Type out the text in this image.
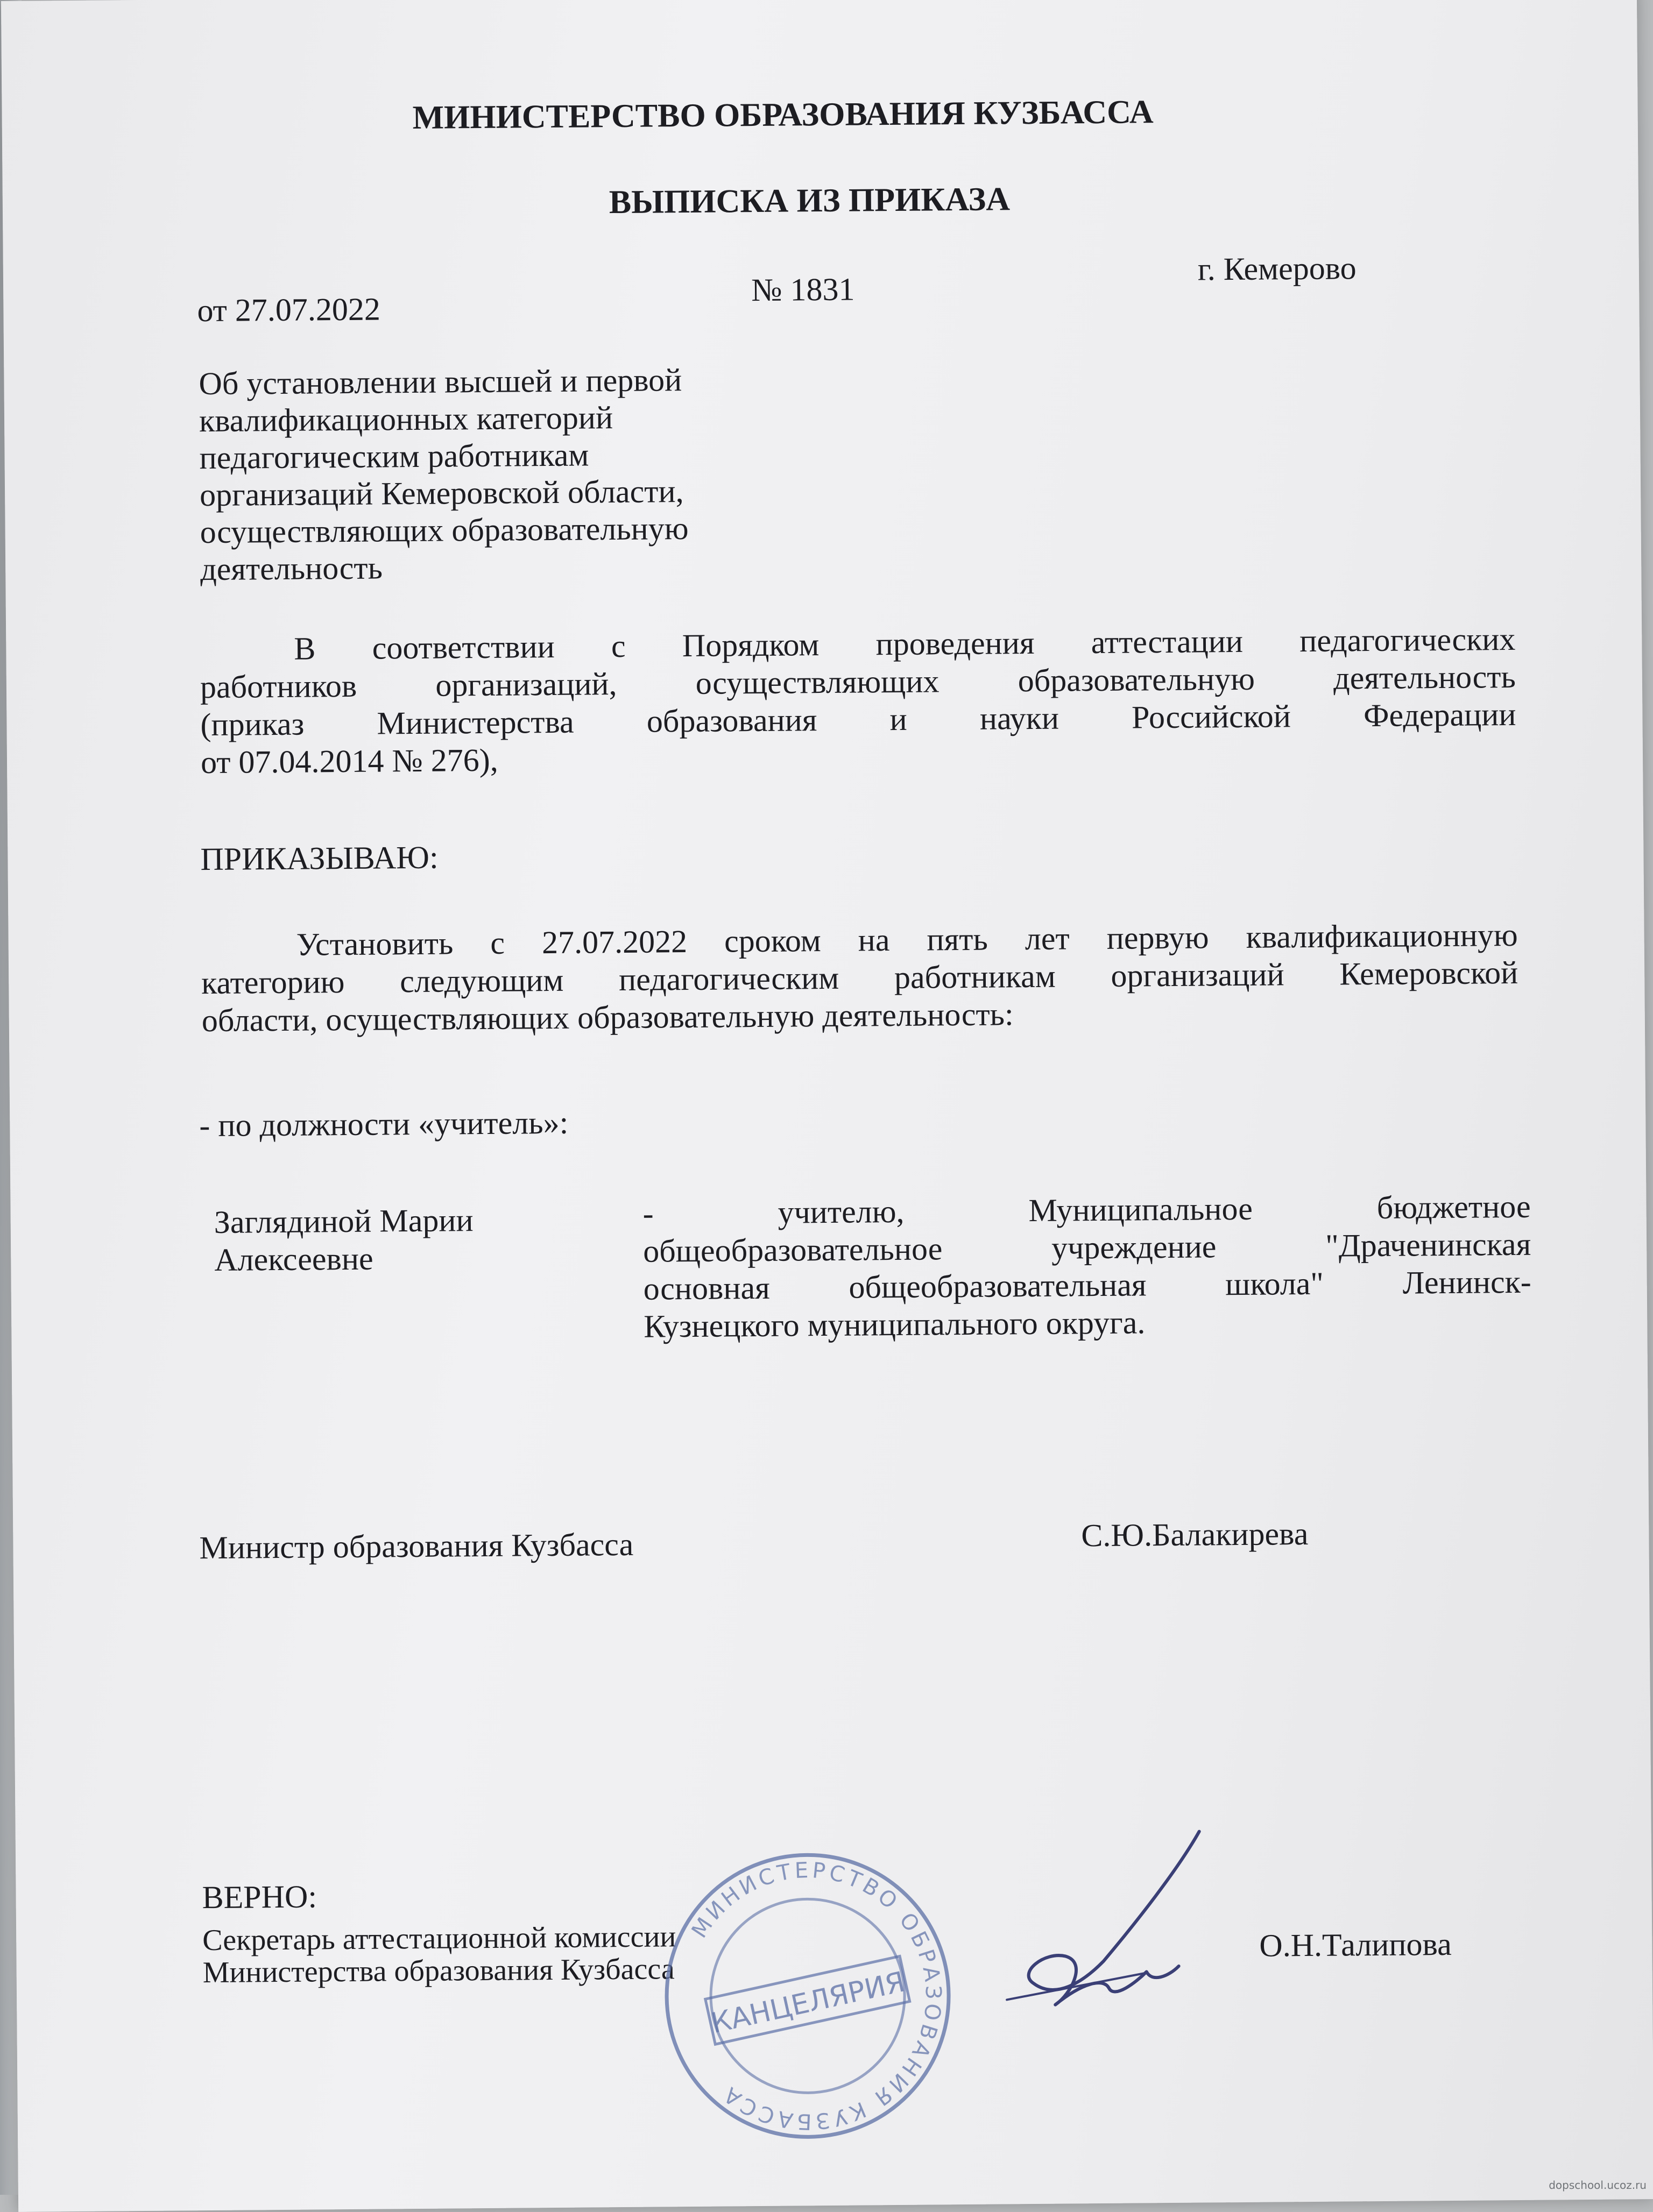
МИНИСТЕРСТВО ОБРАЗОВАНИЯ КУЗБАССА
ВЫПИСКА ИЗ ПРИКАЗА
от 27.07.2022
№ 1831
г. Кемерово
Об установлении высшей и первой
квалификационных категорий
педагогическим работникам
организаций Кемеровской области,
осуществляющих образовательную
деятельность
В соответствии с Порядком проведения аттестации педагогических
работников организаций, осуществляющих образовательную деятельность
(приказ Министерства образования и науки Российской Федерации
от 07.04.2014 № 276),
ПРИКАЗЫВАЮ:
Установить с 27.07.2022 сроком на пять лет первую квалификационную
категорию следующим педагогическим работникам организаций Кемеровской
области, осуществляющих образовательную деятельность:
- по должности «учитель»:
Заглядиной Марии
Алексеевне
- учителю, Муниципальное бюджетное
общеобразовательное учреждение "Драченинская
основная общеобразовательная школа" Ленинск-
Кузнецкого муниципального округа.
Министр образования Кузбасса	С.Ю.Балакирева
ВЕРНО:
Секретарь аттестационной комиссии
Министерства образования Кузбасса
О.Н.Талипова
МИНИСТЕРСТВО ОБРАЗОВАНИЯ КУЗБАССА
КАНЦЕЛЯРИЯ
dopschool.ucoz.ru
